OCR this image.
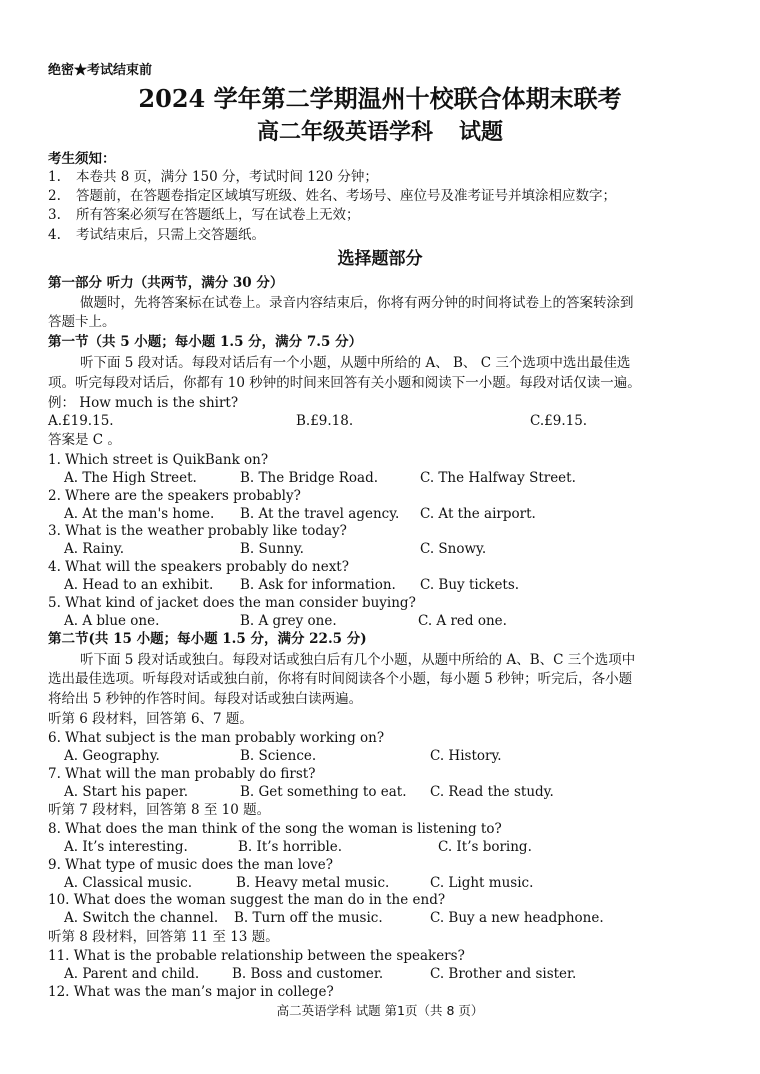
绝密★考试结束前
2024 学年第二学期温州十校联合体期末联考
高二年级英语学科 试题
考生须知：
1. 本卷共 8 页，满分 150 分，考试时间 120 分钟；
2. 答题前，在答题卷指定区域填写班级、姓名、考场号、座位号及准考证号并填涂相应数字；
3. 所有答案必须写在答题纸上，写在试卷上无效；
4. 考试结束后，只需上交答题纸。
选择题部分
第一部分 听力（共两节，满分 30 分）
做题时，先将答案标在试卷上。录音内容结束后，你将有两分钟的时间将试卷上的答案转涂到
答题卡上。
第一节（共 5 小题；每小题 1.5 分，满分 7.5 分）
听下面 5 段对话。每段对话后有一个小题，从题中所给的 A、 B、 C 三个选项中选出最佳选
项。听完每段对话后，你都有 10 秒钟的时间来回答有关小题和阅读下一小题。每段对话仅读一遍。
例： How much is the shirt?
A.£19.15.	B.£9.18.	C.£9.15.
答案是 C 。
1. Which street is QuikBank on?
A. The High Street.	B. The Bridge Road.	C. The Halfway Street.
2. Where are the speakers probably?
A. At the man's home. B. At the travel agency. C. At the airport.
3. What is the weather probably like today?
A. Rainy.	B. Sunny.	C. Snowy.
4. What will the speakers probably do next?
A. Head to an exhibit. B. Ask for information. C. Buy tickets.
5. What kind of jacket does the man consider buying?
A. A blue one.	B. A grey one.	C. A red one.
第二节(共 15 小题；每小题 1.5 分，满分 22.5 分)
听下面 5 段对话或独白。每段对话或独白后有几个小题，从题中所给的 A、B、C 三个选项中
选出最佳选项。听每段对话或独白前，你将有时间阅读各个小题，每小题 5 秒钟；听完后，各小题
将给出 5 秒钟的作答时间。每段对话或独白读两遍。
听第 6 段材料，回答第 6、7 题。
6. What subject is the man probably working on?
A. Geography.	B. Science.	C. History.
7. What will the man probably do first?
A. Start his paper.	B. Get something to eat. C. Read the study.
听第 7 段材料，回答第 8 至 10 题。
8. What does the man think of the song the woman is listening to?
A. It’s interesting.	B. It’s horrible.	C. It’s boring.
9. What type of music does the man love?
A. Classical music.	B. Heavy metal music.	C. Light music.
10. What does the woman suggest the man do in the end?
A. Switch the channel. B. Turn off the music.	C. Buy a new headphone.
听第 8 段材料，回答第 11 至 13 题。
11. What is the probable relationship between the speakers?
A. Parent and child. B. Boss and customer.	C. Brother and sister.
12. What was the man’s major in college?
高二英语学科 试题 第1页（共 8 页）
